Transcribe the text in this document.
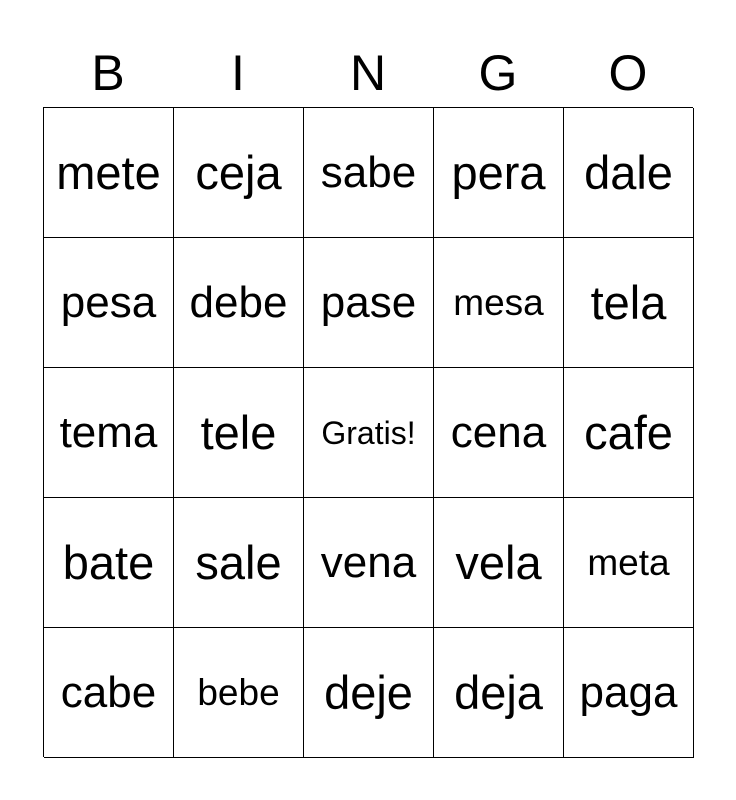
B	I	N	G	O
mete ceja sabe pera dale
pesa debe pase	mesa tela
tema tele	Gratis! cena cafe
bate sale vena vela	meta
cabe	bebe deje deja paga
